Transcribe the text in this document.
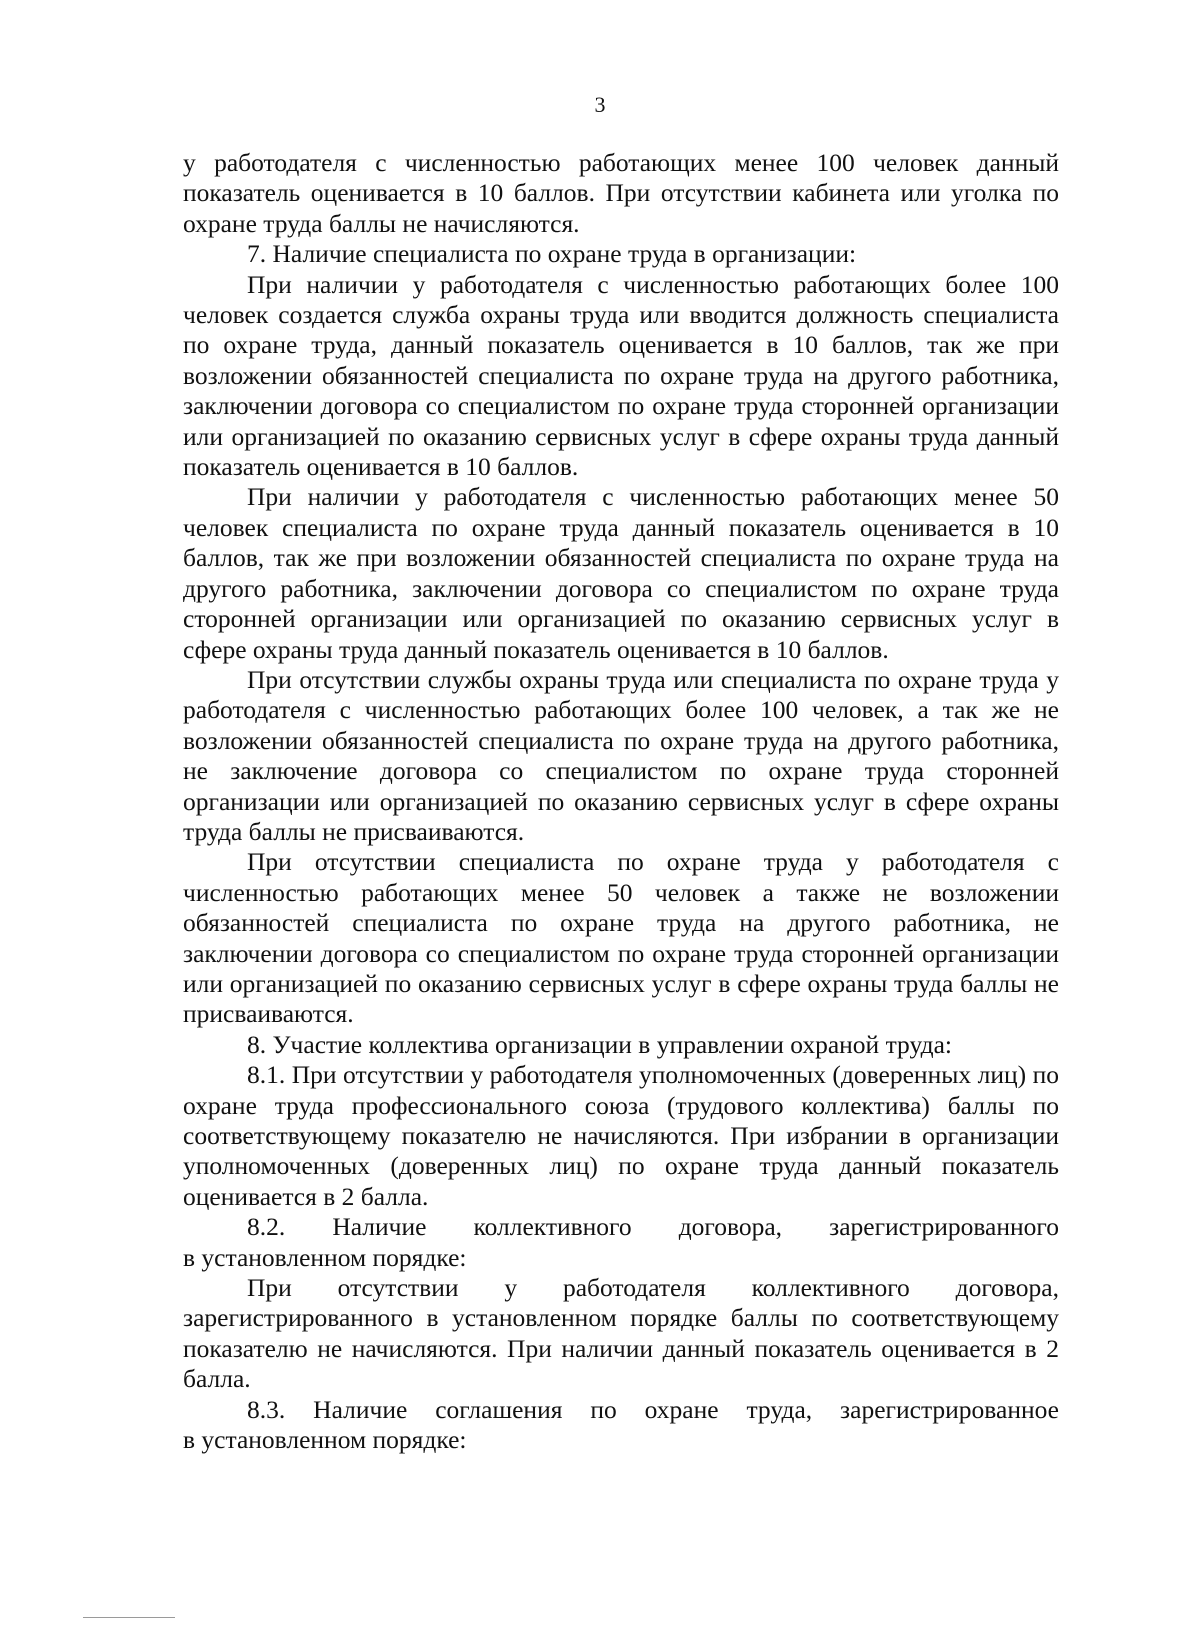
3

у работодателя с численностью работающих менее 100 человек данный показатель оценивается в 10 баллов. При отсутствии кабинета или уголка по охране труда баллы не начисляются.

7. Наличие специалиста по охране труда в организации:

При наличии у работодателя с численностью работающих более 100 человек создается служба охраны труда или вводится должность специалиста по охране труда, данный показатель оценивается в 10 баллов, так же при возложении обязанностей специалиста по охране труда на другого работника, заключении договора со специалистом по охране труда сторонней организации или организацией по оказанию сервисных услуг в сфере охраны труда данный показатель оценивается в 10 баллов.

При наличии у работодателя с численностью работающих менее 50 человек специалиста по охране труда данный показатель оценивается в 10 баллов, так же при возложении обязанностей специалиста по охране труда на другого работника, заключении договора со специалистом по охране труда сторонней организации или организацией по оказанию сервисных услуг в сфере охраны труда данный показатель оценивается в 10 баллов.

При отсутствии службы охраны труда или специалиста по охране труда у работодателя с численностью работающих более 100 человек, а так же не возложении обязанностей специалиста по охране труда на другого работника, не заключение договора со специалистом по охране труда сторонней организации или организацией по оказанию сервисных услуг в сфере охраны труда баллы не присваиваются.

При отсутствии специалиста по охране труда у работодателя с численностью работающих менее 50 человек а также не возложении обязанностей специалиста по охране труда на другого работника, не заключении договора со специалистом по охране труда сторонней организации или организацией по оказанию сервисных услуг в сфере охраны труда баллы не присваиваются.

8. Участие коллектива организации в управлении охраной труда:

8.1. При отсутствии у работодателя уполномоченных (доверенных лиц) по охране труда профессионального союза (трудового коллектива) баллы по соответствующему показателю не начисляются. При избрании в организации уполномоченных (доверенных лиц) по охране труда данный показатель оценивается в 2 балла.

8.2. Наличие коллективного договора, зарегистрированного

в установленном порядке:

При отсутствии у работодателя коллективного договора, зарегистрированного в установленном порядке баллы по соответствующему показателю не начисляются. При наличии данный показатель оценивается в 2 балла.

8.3. Наличие соглашения по охране труда, зарегистрированное

в установленном порядке:
